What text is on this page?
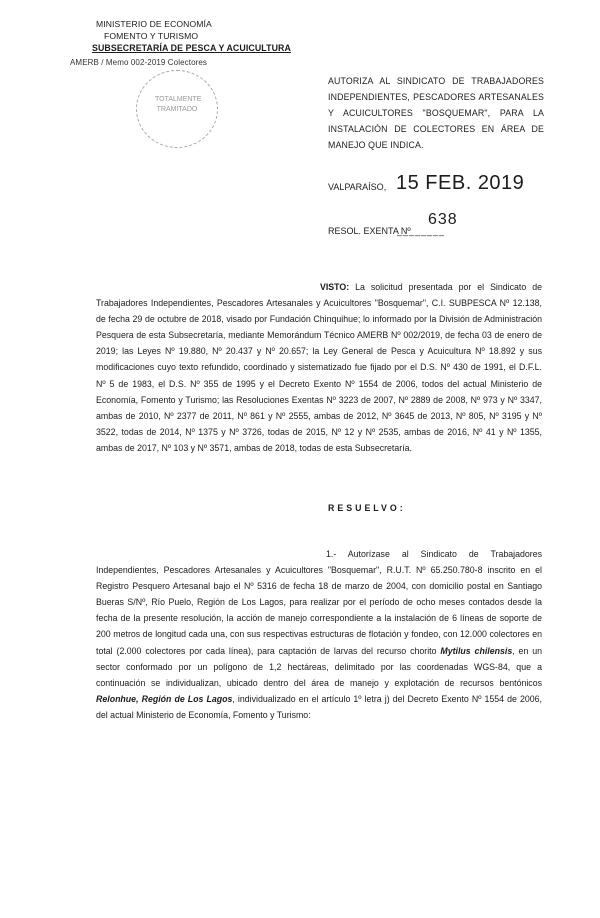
MINISTERIO DE ECONOMÍA
FOMENTO Y TURISMO
SUBSECRETARÍA DE PESCA Y ACUICULTURA
AMERB / Memo 002-2019 Colectores
TOTALMENTE TRAMITADO
AUTORIZA AL SINDICATO DE TRABAJADORES INDEPENDIENTES, PESCADORES ARTESANALES Y ACUICULTORES "BOSQUEMAR", PARA LA INSTALACIÓN DE COLECTORES EN ÁREA DE MANEJO QUE INDICA.
VALPARAÍSO, 15 FEB. 2019
RESOL. EXENTA Nº
________
638
VISTO: La solicitud presentada por el Sindicato de Trabajadores Independientes, Pescadores Artesanales y Acuicultores "Bosquemar", C.I. SUBPESCA Nº 12.138, de fecha 29 de octubre de 2018, visado por Fundación Chinquihue; lo informado por la División de Administración Pesquera de esta Subsecretaría, mediante Memorándum Técnico AMERB Nº 002/2019, de fecha 03 de enero de 2019; las Leyes Nº 19.880, Nº 20.437 y Nº 20.657; la Ley General de Pesca y Acuicultura Nº 18.892 y sus modificaciones cuyo texto refundido, coordinado y sistematizado fue fijado por el D.S. Nº 430 de 1991, el D.F.L. Nº 5 de 1983, el D.S. Nº 355 de 1995 y el Decreto Exento Nº 1554 de 2006, todos del actual Ministerio de Economía, Fomento y Turismo; las Resoluciones Exentas Nº 3223 de 2007, Nº 2889 de 2008, Nº 973 y Nº 3347, ambas de 2010, Nº 2377 de 2011, Nº 861 y Nº 2555, ambas de 2012, Nº 3645 de 2013, Nº 805, Nº 3195 y Nº 3522, todas de 2014, Nº 1375 y Nº 3726, todas de 2015, Nº 12 y Nº 2535, ambas de 2016, Nº 41 y Nº 1355, ambas de 2017, Nº 103 y Nº 3571, ambas de 2018, todas de esta Subsecretaría.
RESUELVO:
1.- Autorízase al Sindicato de Trabajadores Independientes, Pescadores Artesanales y Acuicultores "Bosquemar", R.U.T. Nº 65.250.780-8 inscrito en el Registro Pesquero Artesanal bajo el Nº 5316 de fecha 18 de marzo de 2004, con domicilio postal en Santiago Bueras S/Nº, Río Puelo, Región de Los Lagos, para realizar por el período de ocho meses contados desde la fecha de la presente resolución, la acción de manejo correspondiente a la instalación de 6 líneas de soporte de 200 metros de longitud cada una, con sus respectivas estructuras de flotación y fondeo, con 12.000 colectores en total (2.000 colectores por cada línea), para captación de larvas del recurso chorito Mytilus chilensis, en un sector conformado por un polígono de 1,2 hectáreas, delimitado por las coordenadas WGS-84, que a continuación se individualizan, ubicado dentro del área de manejo y explotación de recursos bentónicos Relonhue, Región de Los Lagos, individualizado en el artículo 1º letra j) del Decreto Exento Nº 1554 de 2006, del actual Ministerio de Economía, Fomento y Turismo:
